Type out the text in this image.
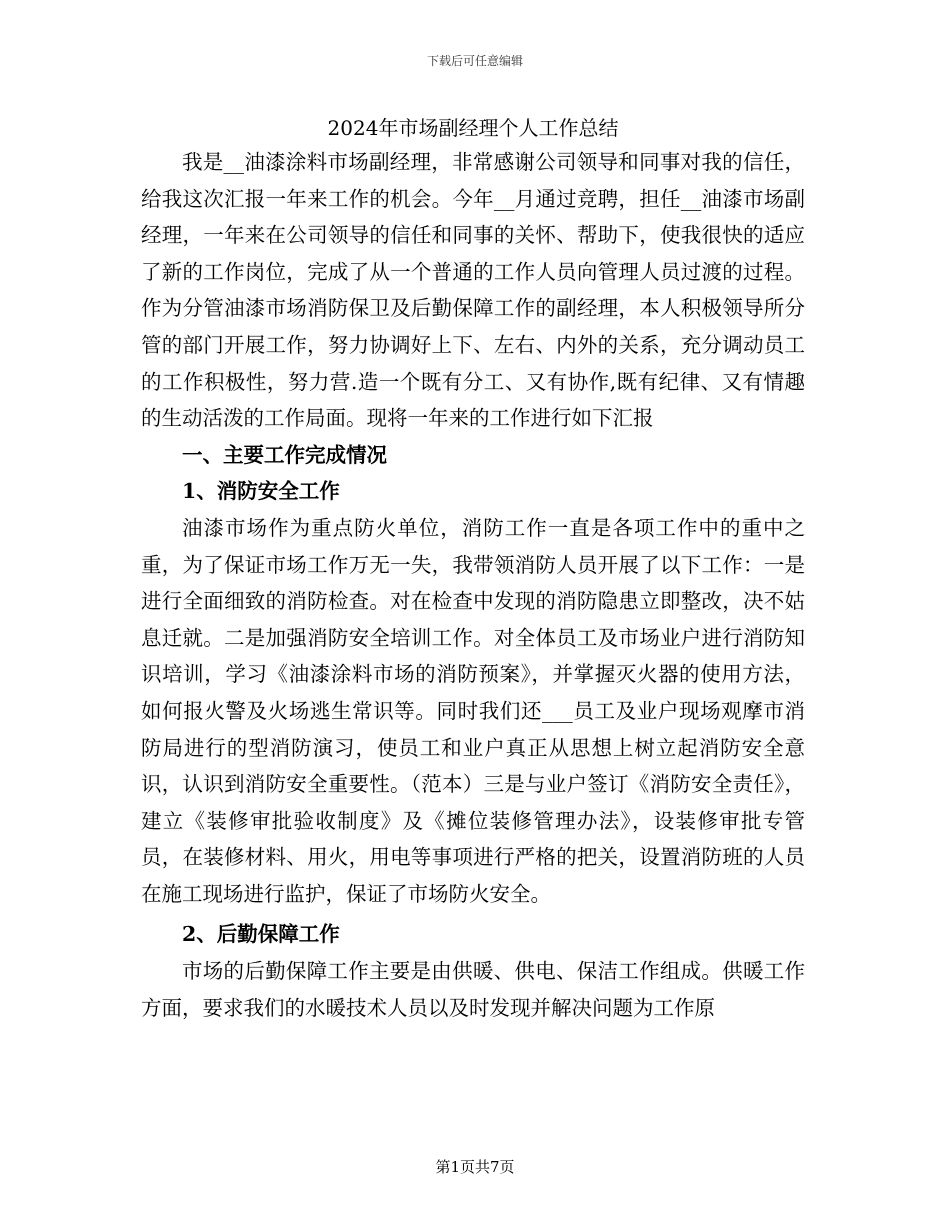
下载后可任意编辑
2024年市场副经理个人工作总结

我是__油漆涂料市场副经理，非常感谢公司领导和同事对我的信任，给我这次汇报一年来工作的机会。今年__月通过竞聘，担任__油漆市场副经理，一年来在公司领导的信任和同事的关怀、帮助下，使我很快的适应了新的工作岗位，完成了从一个普通的工作人员向管理人员过渡的过程。作为分管油漆市场消防保卫及后勤保障工作的副经理，本人积极领导所分管的部门开展工作，努力协调好上下、左右、内外的关系，充分调动员工的工作积极性，努力营.造一个既有分工、又有协作,既有纪律、又有情趣的生动活泼的工作局面。现将一年来的工作进行如下汇报

一、主要工作完成情况

1、消防安全工作

油漆市场作为重点防火单位，消防工作一直是各项工作中的重中之重，为了保证市场工作万无一失，我带领消防人员开展了以下工作：一是进行全面细致的消防检查。对在检查中发现的消防隐患立即整改，决不姑息迁就。二是加强消防安全培训工作。对全体员工及市场业户进行消防知识培训，学习《油漆涂料市场的消防预案》，并掌握灭火器的使用方法，如何报火警及火场逃生常识等。同时我们还___员工及业户现场观摩市消防局进行的型消防演习，使员工和业户真正从思想上树立起消防安全意识，认识到消防安全重要性。（范本）三是与业户签订《消防安全责任》，建立《装修审批验收制度》及《摊位装修管理办法》，设装修审批专管员，在装修材料、用火，用电等事项进行严格的把关，设置消防班的人员在施工现场进行监护，保证了市场防火安全。

2、后勤保障工作

市场的后勤保障工作主要是由供暖、供电、保洁工作组成。供暖工作方面，要求我们的水暖技术人员以及时发现并解决问题为工作原

第1页共7页
